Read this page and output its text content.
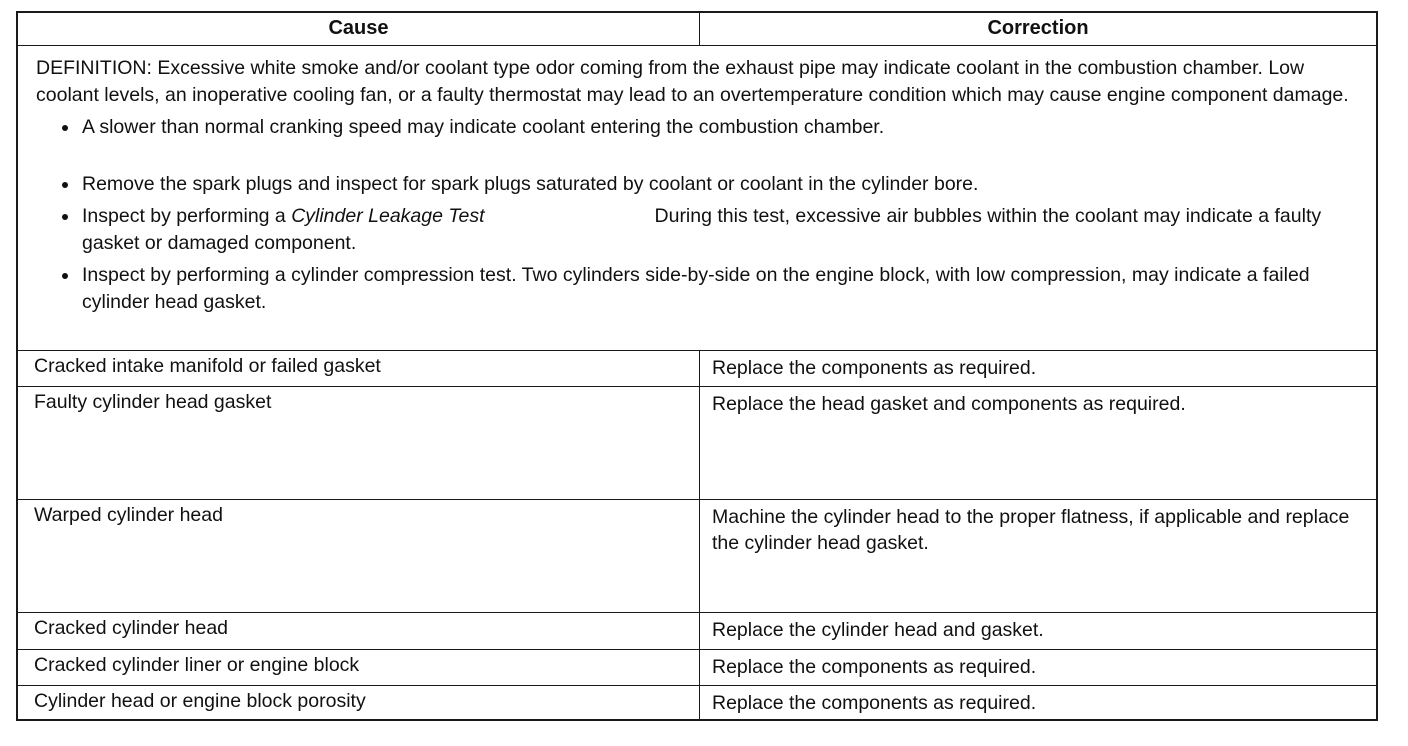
Cause	Correction

DEFINITION: Excessive white smoke and/or coolant type odor coming from the exhaust pipe may indicate coolant in the combustion chamber. Low coolant levels, an inoperative cooling fan, or a faulty thermostat may lead to an overtemperature condition which may cause engine component damage.

A slower than normal cranking speed may indicate coolant entering the combustion chamber.
Remove the spark plugs and inspect for spark plugs saturated by coolant or coolant in the cylinder bore.
Inspect by performing a Cylinder Leakage Test	During this test, excessive air bubbles within the coolant may indicate a faulty gasket or damaged component.
Inspect by performing a cylinder compression test. Two cylinders side-by-side on the engine block, with low compression, may indicate a failed cylinder head gasket.
Cracked intake manifold or failed gasket	Replace the components as required.
Faulty cylinder head gasket	Replace the head gasket and components as required.
Warped cylinder head	Machine the cylinder head to the proper flatness, if applicable and replace the cylinder head gasket.
Cracked cylinder head	Replace the cylinder head and gasket.
Cracked cylinder liner or engine block	Replace the components as required.
Cylinder head or engine block porosity	Replace the components as required.
